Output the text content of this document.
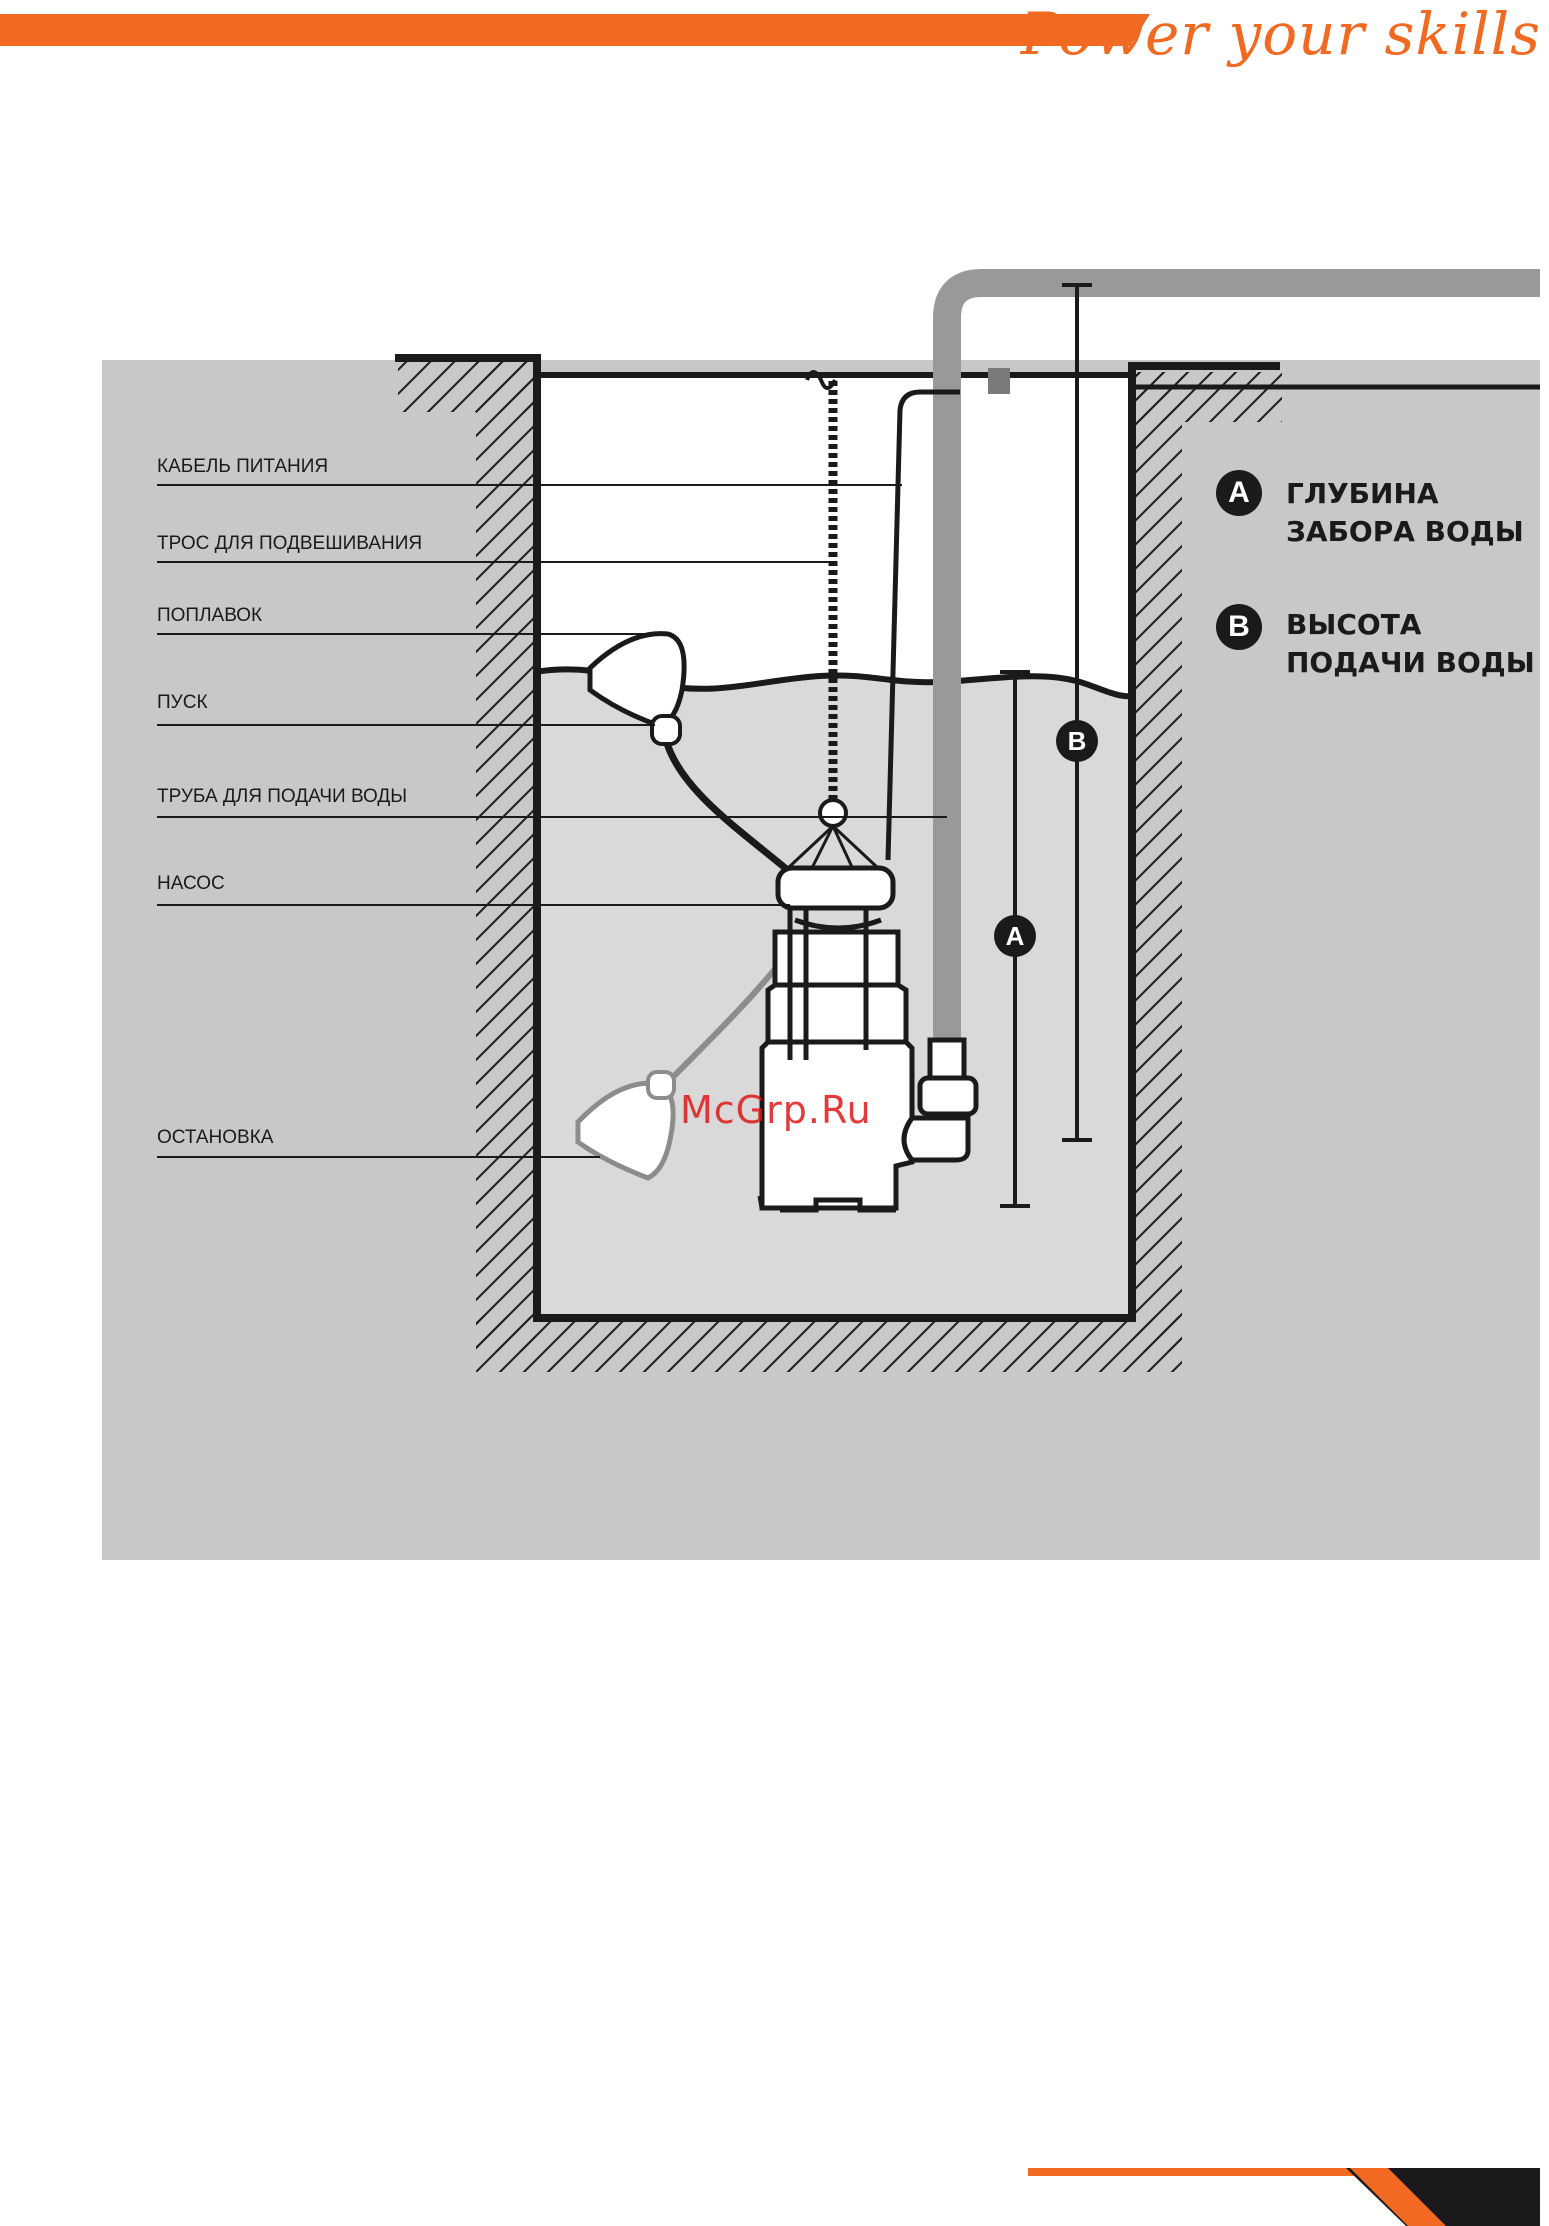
Power your skills
КАБЕЛЬ ПИТАНИЯ
ТРОС ДЛЯ ПОДВЕШИВАНИЯ
ПОПЛАВОК
ПУСК
ТРУБА ДЛЯ ПОДАЧИ ВОДЫ
НАСОС
ОСТАНОВКА
A
B
A	ГЛУБИНА
ЗАБОРА ВОДЫ
B	ВЫСОТА
ПОДАЧИ ВОДЫ
McGrp.Ru
